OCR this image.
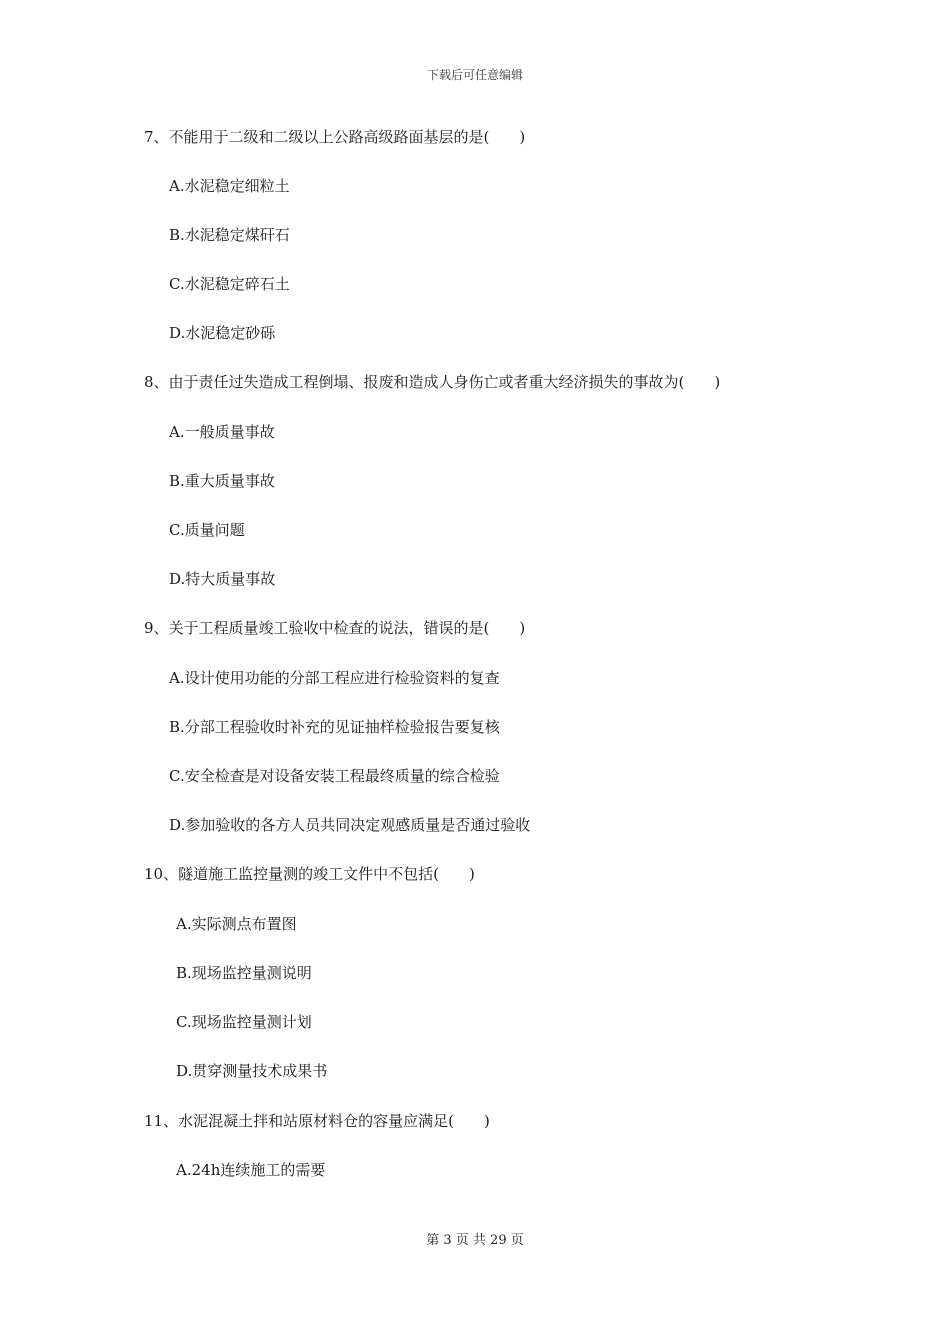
下载后可任意编辑
7、不能用于二级和二级以上公路高级路面基层的是(　　)
A.水泥稳定细粒土
B.水泥稳定煤矸石
C.水泥稳定碎石土
D.水泥稳定砂砾
8、由于责任过失造成工程倒塌、报废和造成人身伤亡或者重大经济损失的事故为(　　)
A.一般质量事故
B.重大质量事故
C.质量问题
D.特大质量事故
9、关于工程质量竣工验收中检查的说法，错误的是(　　)
A.设计使用功能的分部工程应进行检验资料的复查
B.分部工程验收时补充的见证抽样检验报告要复核
C.安全检查是对设备安装工程最终质量的综合检验
D.参加验收的各方人员共同决定观感质量是否通过验收
10、隧道施工监控量测的竣工文件中不包括(　　)
A.实际测点布置图
B.现场监控量测说明
C.现场监控量测计划
D.贯穿测量技术成果书
11、水泥混凝土拌和站原材料仓的容量应满足(　　)
A.24h连续施工的需要
第 3 页 共 29 页
